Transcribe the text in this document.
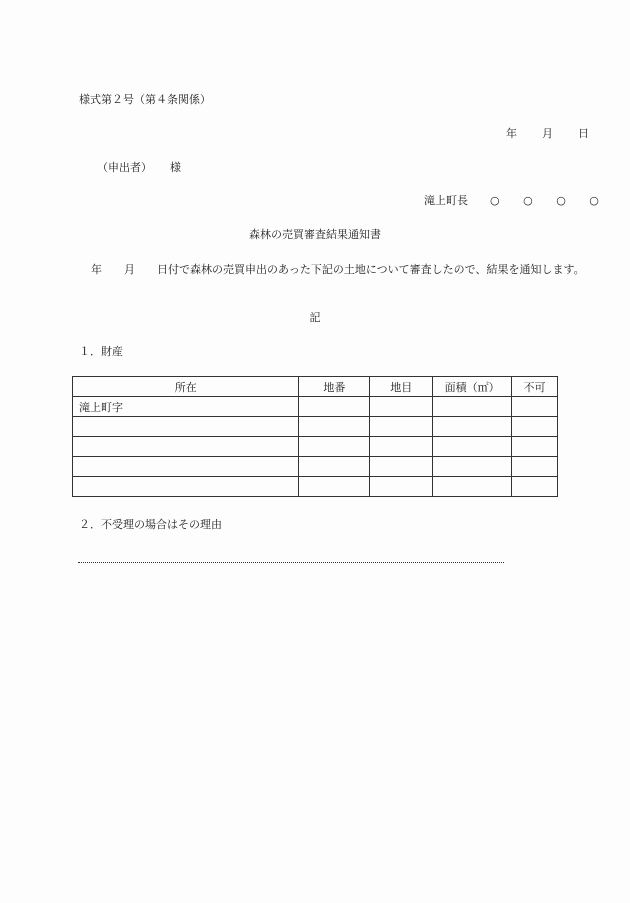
様式第２号（第４条関係）
年 月 日
（申出者） 様
滝上町長 ○ ○ ○ ○
森林の売買審査結果通知書
年　　月　　日付で森林の売買申出のあった下記の土地について審査したので、結果を通知します。
記
１．財産
所在	地番	地目	面積（㎡）	不可
滝上町字				

２．不受理の場合はその理由
